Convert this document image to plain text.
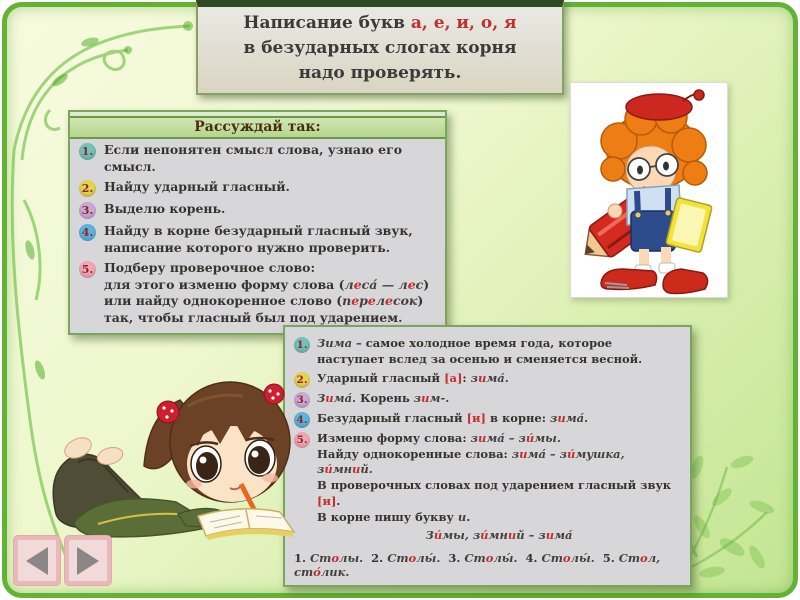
Написание букв а, е, и, о, я
в безударных слогах корня
надо проверять.
Рассуждай так:
1. Если непонятен смысл слова, узнаю его смысл.
2. Найду ударный гласный.
3. Выделю корень.
4. Найду в корне безударный гласный звук, написание которого нужно проверить.
5. Подберу проверочное слово:
для этого изменю форму слова (леса́ — лес)
или найду однокоренное слово (перелесок)
так, чтобы гласный был под ударением.
1. Зима – самое холодное время года, которое наступает вслед за осенью и сменяется весной.
2. Ударный гласный [а]: зима́.
3. Зима́. Корень зим-.
4. Безударный гласный [и] в корне: зима́.
5. Изменю форму слова: зима́ – зи́мы.
Найду однокоренные слова: зима́ – зи́мушка, зи́мний.
В проверочных словах под ударением гласный звук [и].
В корне пишу букву и.
Зи́мы, зи́мний – зима́
1. Столы. 2. Столы́. 3. Столы́. 4. Столы́. 5. Стол, сто́лик.
